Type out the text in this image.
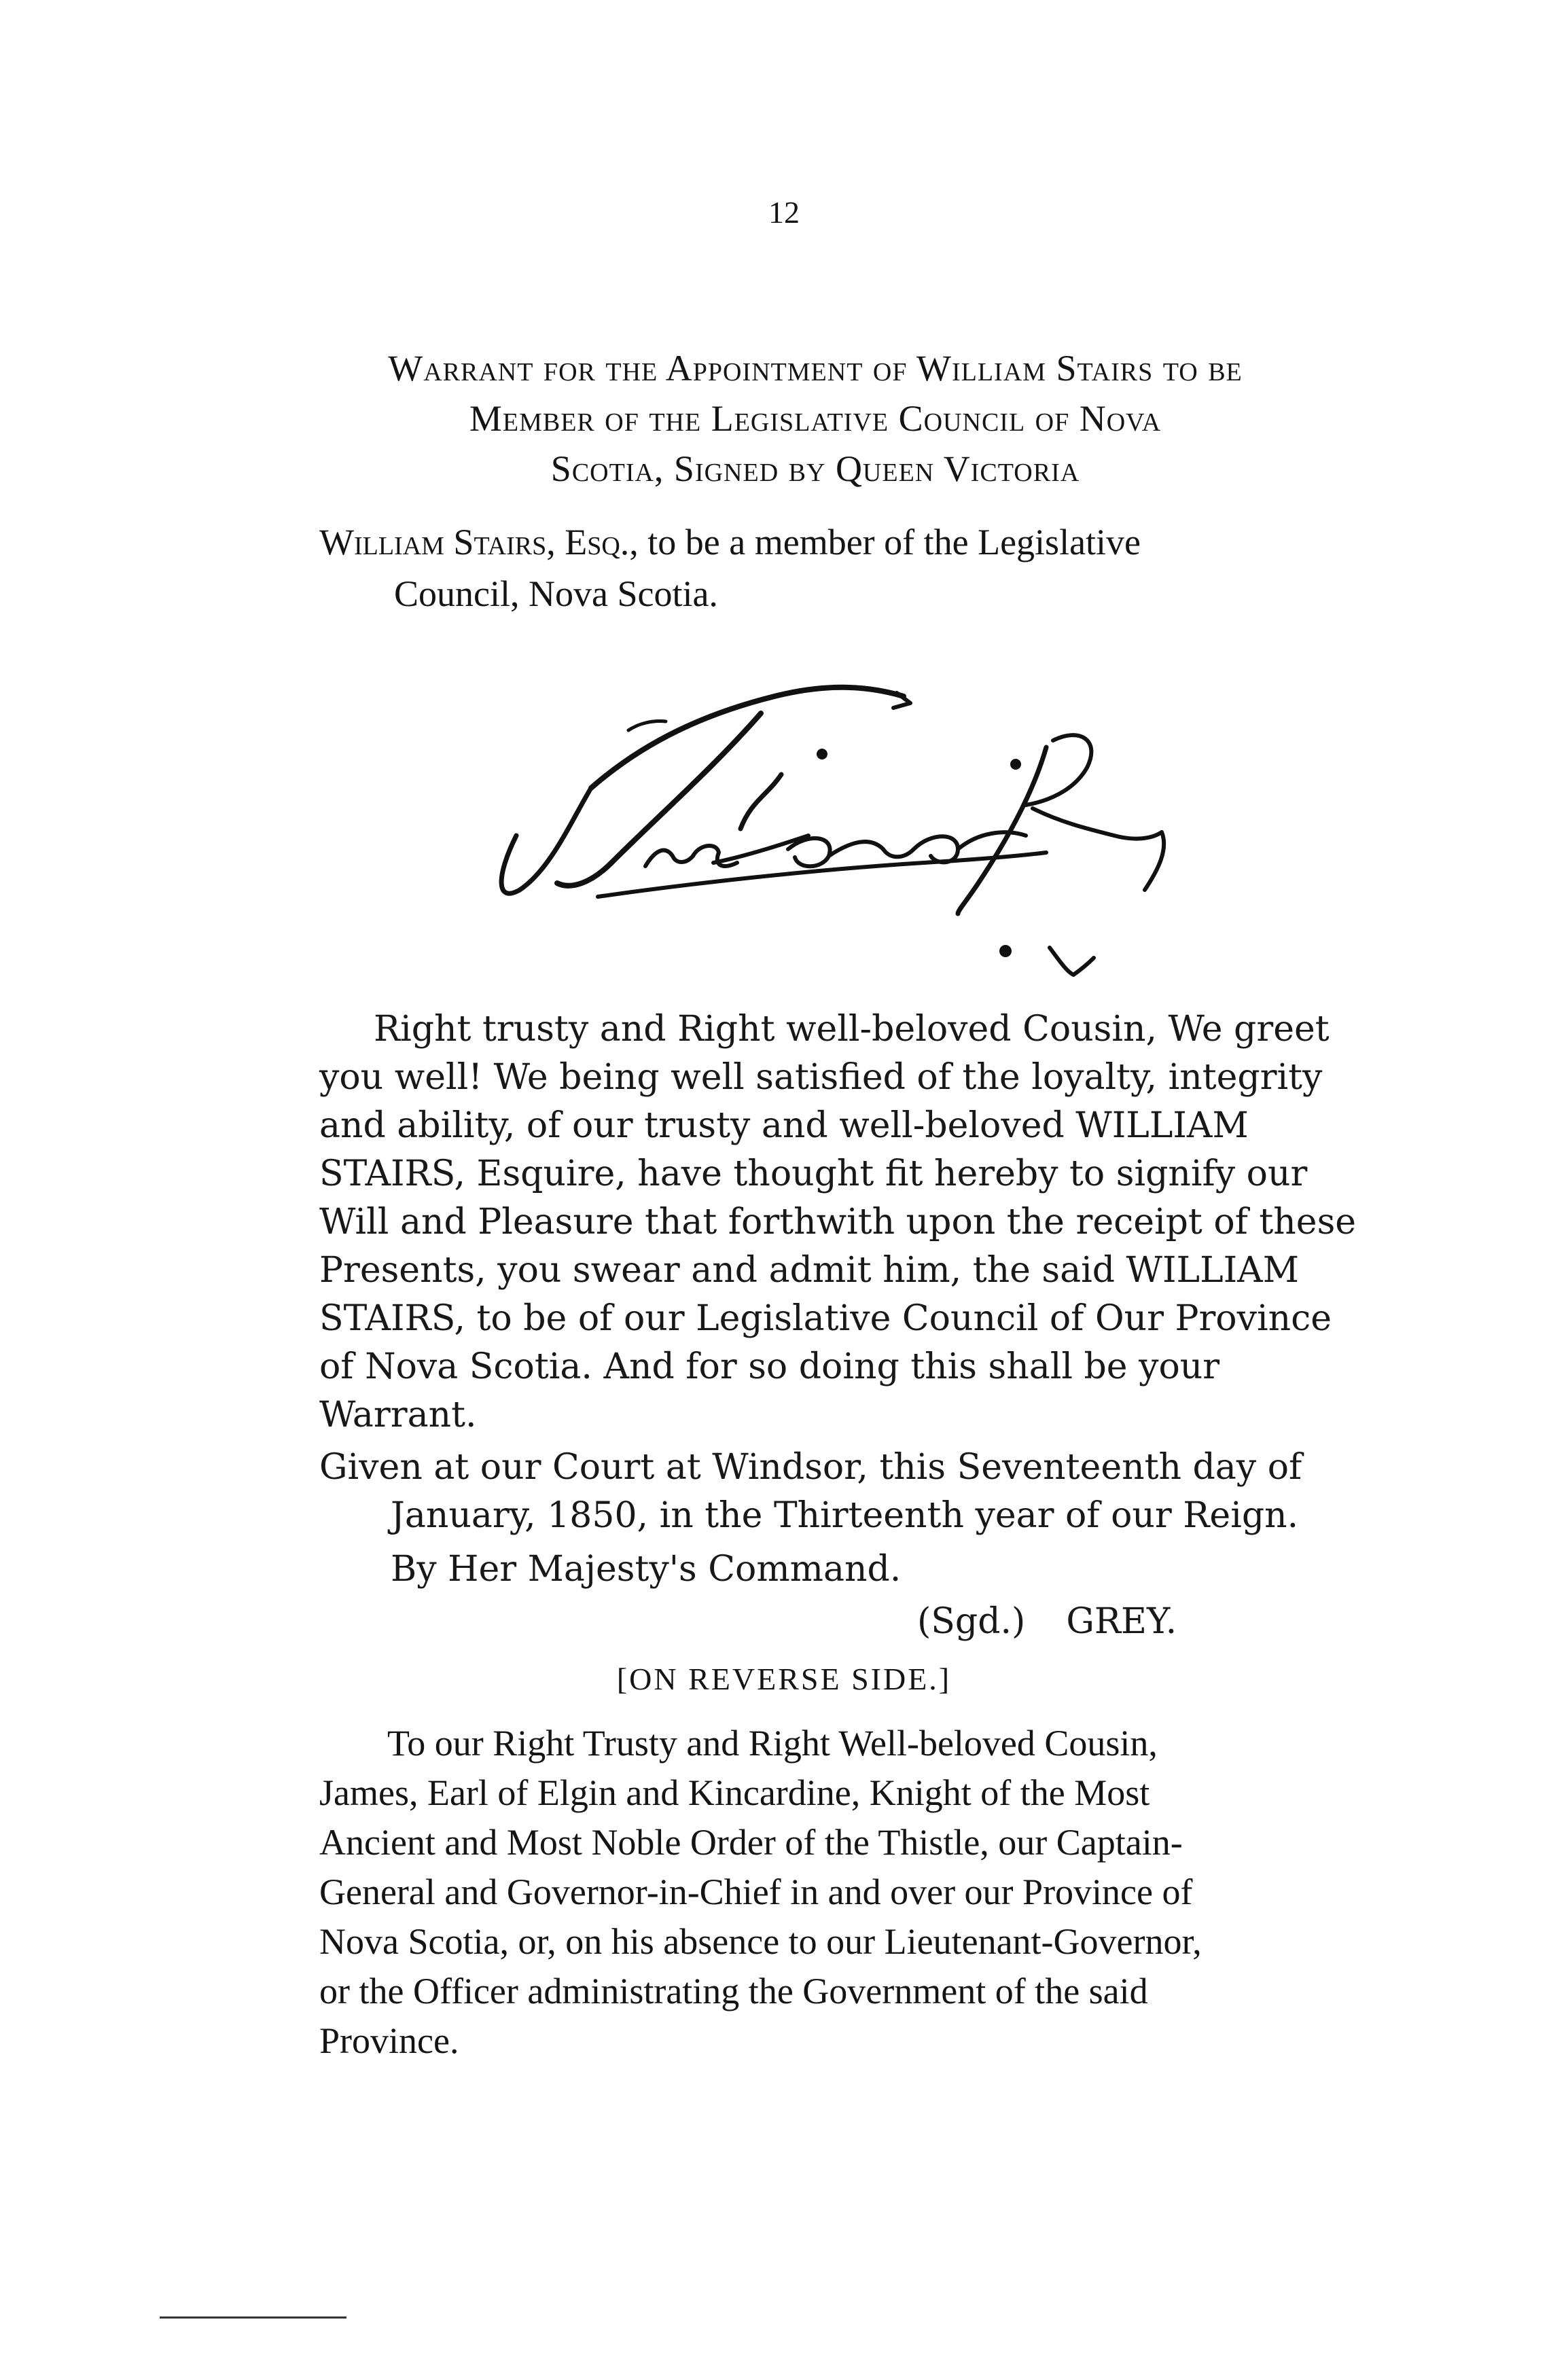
12
Warrant for the Appointment of William Stairs to be
Member of the Legislative Council of Nova
Scotia, Signed by Queen Victoria
William Stairs, Esq., to be a member of the Legislative
Council, Nova Scotia.
Right trusty and Right well-beloved Cousin, We greet
you well! We being well satisfied of the loyalty, integrity
and ability, of our trusty and well-beloved WILLIAM
STAIRS, Esquire, have thought fit hereby to signify our
Will and Pleasure that forthwith upon the receipt of these
Presents, you swear and admit him, the said WILLIAM
STAIRS, to be of our Legislative Council of Our Province
of Nova Scotia. And for so doing this shall be your
Warrant.
Given at our Court at Windsor, this Seventeenth day of
January, 1850, in the Thirteenth year of our Reign.
By Her Majesty's Command.
(Sgd.) GREY.
[ON REVERSE SIDE.]
To our Right Trusty and Right Well-beloved Cousin,
James, Earl of Elgin and Kincardine, Knight of the Most
Ancient and Most Noble Order of the Thistle, our Captain-
General and Governor-in-Chief in and over our Province of
Nova Scotia, or, on his absence to our Lieutenant-Governor,
or the Officer administrating the Government of the said
Province.
